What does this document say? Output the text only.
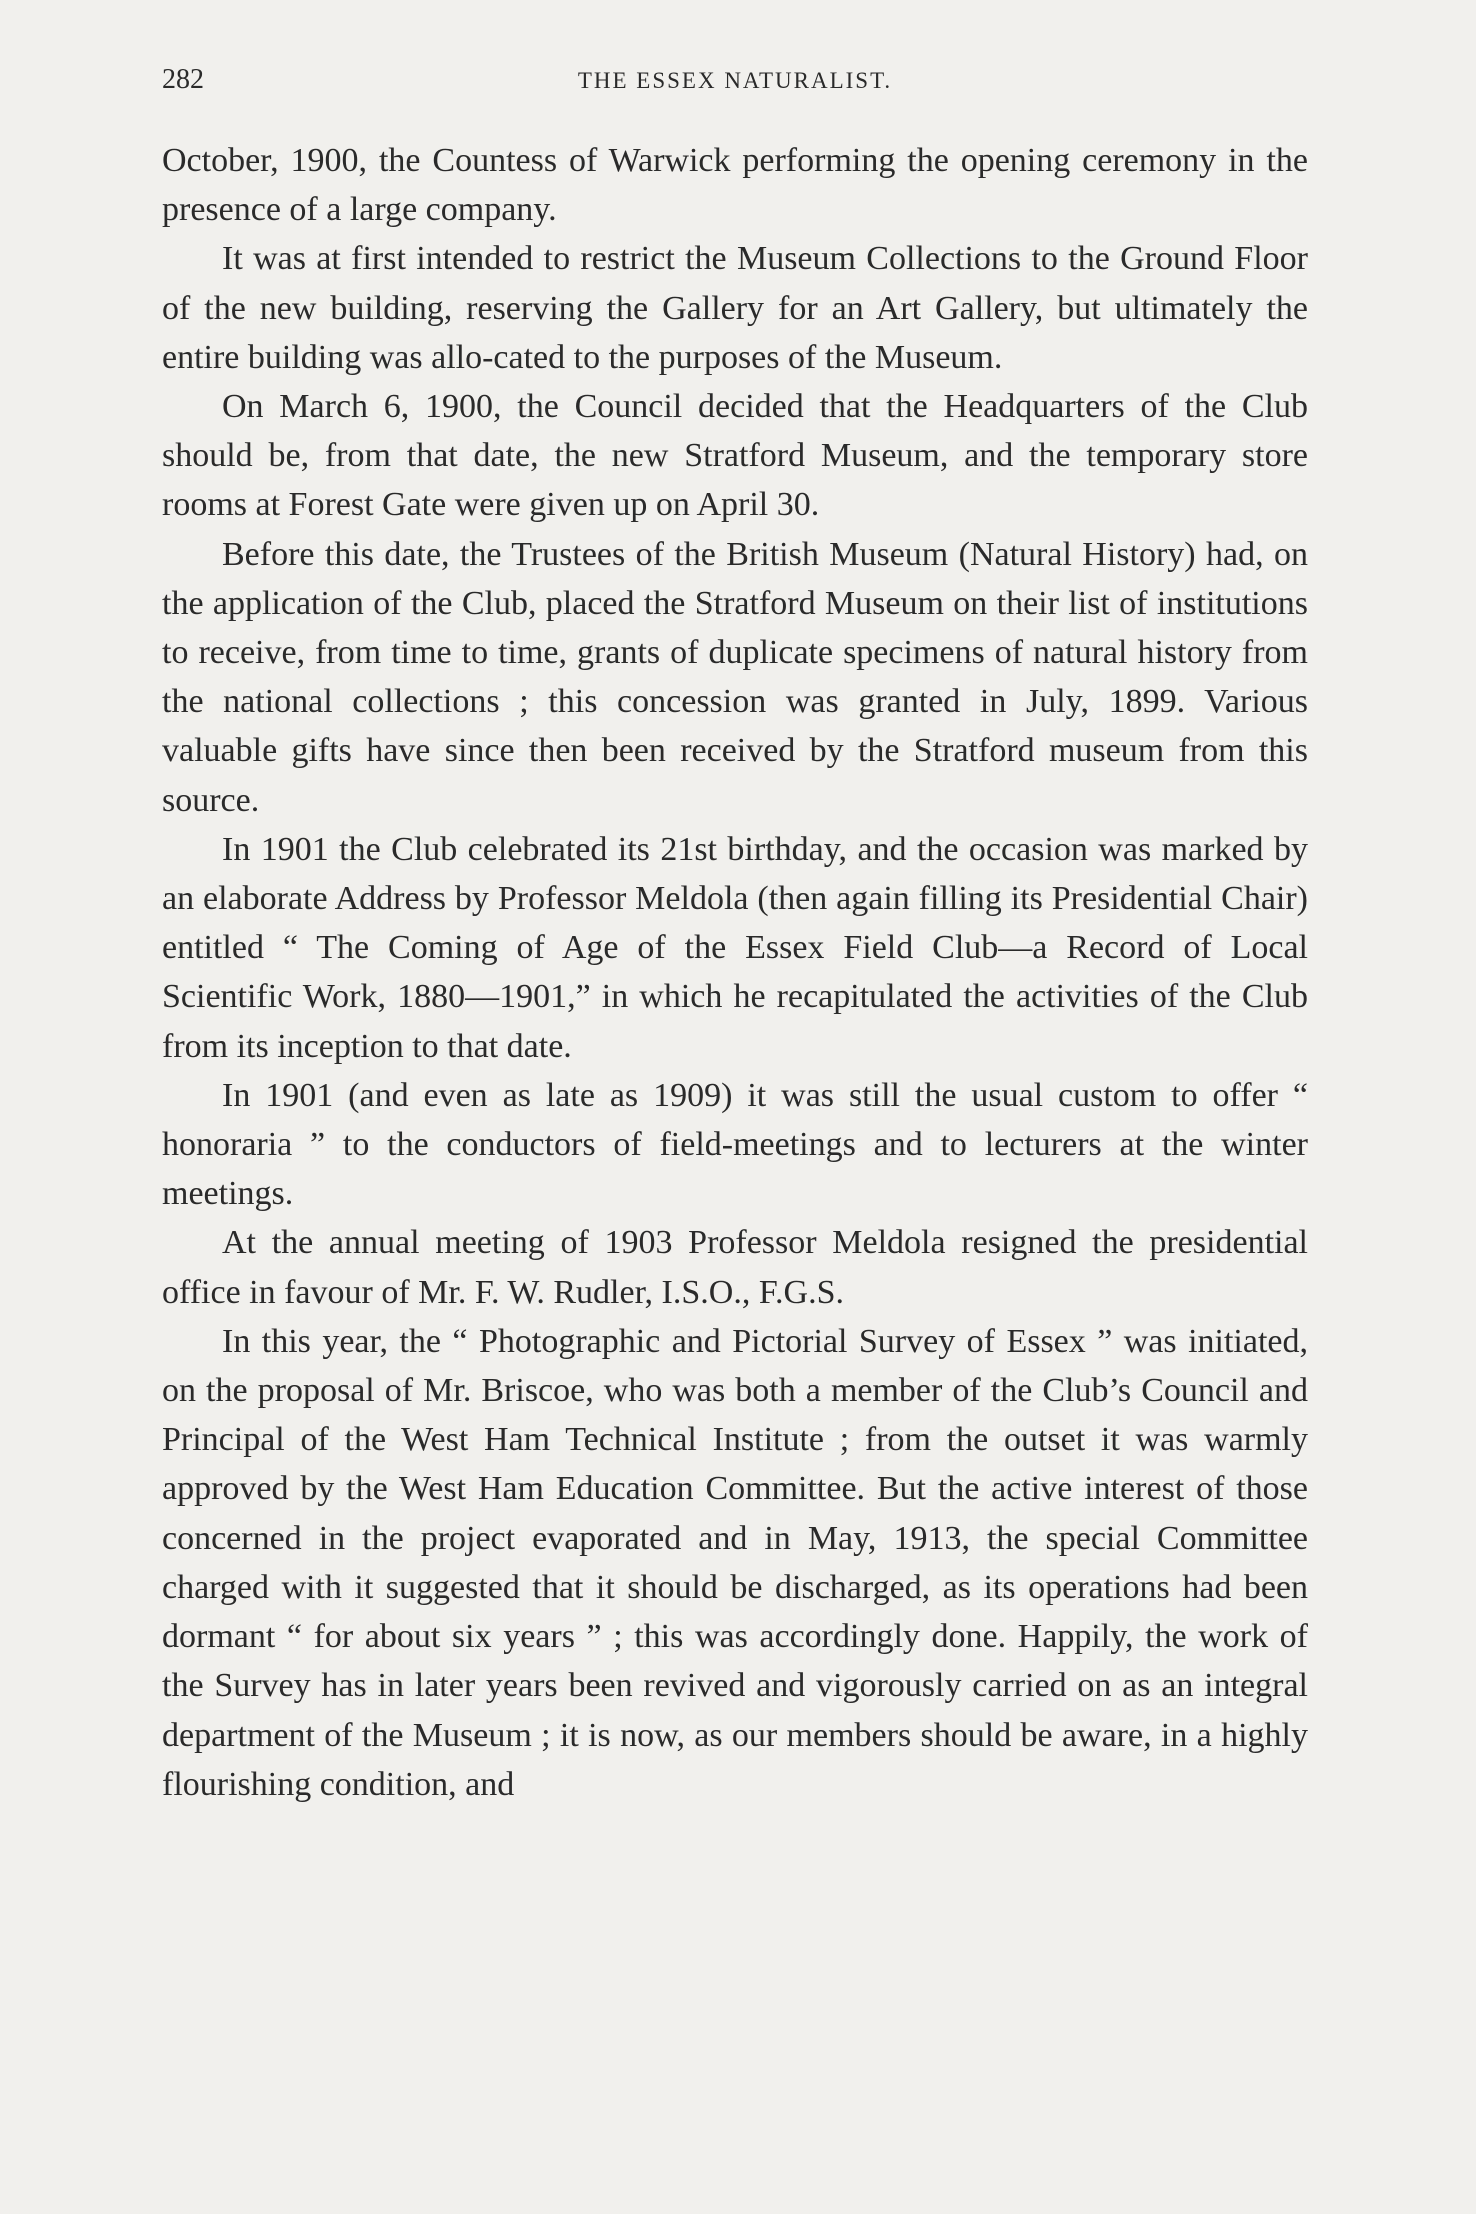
282	THE ESSEX NATURALIST.

October, 1900, the Countess of Warwick performing the opening ceremony in the presence of a large company.

It was at first intended to restrict the Museum Collections to the Ground Floor of the new building, reserving the Gallery for an Art Gallery, but ultimately the entire building was allo-cated to the purposes of the Museum.

On March 6, 1900, the Council decided that the Headquarters of the Club should be, from that date, the new Stratford Museum, and the temporary store rooms at Forest Gate were given up on April 30.

Before this date, the Trustees of the British Museum (Natural History) had, on the application of the Club, placed the Stratford Museum on their list of institutions to receive, from time to time, grants of duplicate specimens of natural history from the national collections ; this concession was granted in July, 1899. Various valuable gifts have since then been received by the Stratford museum from this source.

In 1901 the Club celebrated its 21st birthday, and the occasion was marked by an elaborate Address by Professor Meldola (then again filling its Presidential Chair) entitled “ The Coming of Age of the Essex Field Club—a Record of Local Scientific Work, 1880—1901,” in which he recapitulated the activities of the Club from its inception to that date.

In 1901 (and even as late as 1909) it was still the usual custom to offer “ honoraria ” to the conductors of field-meetings and to lecturers at the winter meetings.

At the annual meeting of 1903 Professor Meldola resigned the presidential office in favour of Mr. F. W. Rudler, I.S.O., F.G.S.

In this year, the “ Photographic and Pictorial Survey of Essex ” was initiated, on the proposal of Mr. Briscoe, who was both a member of the Club’s Council and Principal of the West Ham Technical Institute ; from the outset it was warmly approved by the West Ham Education Committee. But the active interest of those concerned in the project evaporated and in May, 1913, the special Committee charged with it suggested that it should be discharged, as its operations had been dormant “ for about six years ” ; this was accordingly done. Happily, the work of the Survey has in later years been revived and vigorously carried on as an integral department of the Museum ; it is now, as our members should be aware, in a highly flourishing condition, and
